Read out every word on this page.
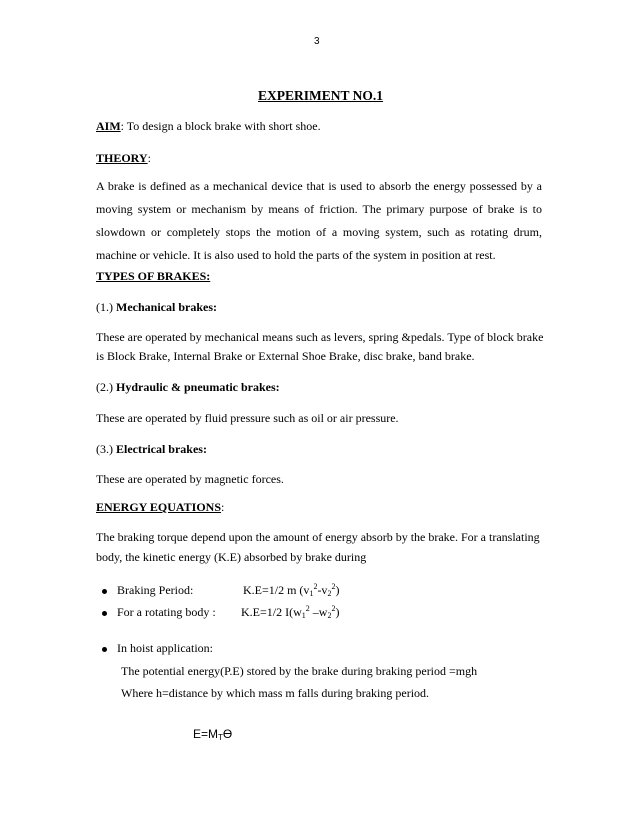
3
EXPERIMENT NO.1
AIM: To design a block brake with short shoe.
THEORY:
A brake is defined as a mechanical device that is used to absorb the energy possessed by a moving system or mechanism by means of friction. The primary purpose of brake is to slowdown or completely stops the motion of a moving system, such as rotating drum, machine or vehicle. It is also used to hold the parts of the system in position at rest.
TYPES OF BRAKES:
(1.) Mechanical brakes:
These are operated by mechanical means such as levers, spring &pedals. Type of block brake
is Block Brake, Internal Brake or External Shoe Brake, disc brake, band brake.
(2.) Hydraulic & pneumatic brakes:
These are operated by fluid pressure such as oil or air pressure.
(3.) Electrical brakes:
These are operated by magnetic forces.
ENERGY EQUATIONS:
The braking torque depend upon the amount of energy absorb by the brake. For a translating
body, the kinetic energy (K.E) absorbed by brake during
Braking Period:	K.E=1/2 m $(v_1^2-v_2^2)$
For a rotating body : K.E=1/2 $I(w_1^2$ $-w_2^2$)
In hoist application:
The potential energy(P.E) stored by the brake during braking period =mgh
Where h=distance by which mass m falls during braking period.
$E=M_Tϴ$
